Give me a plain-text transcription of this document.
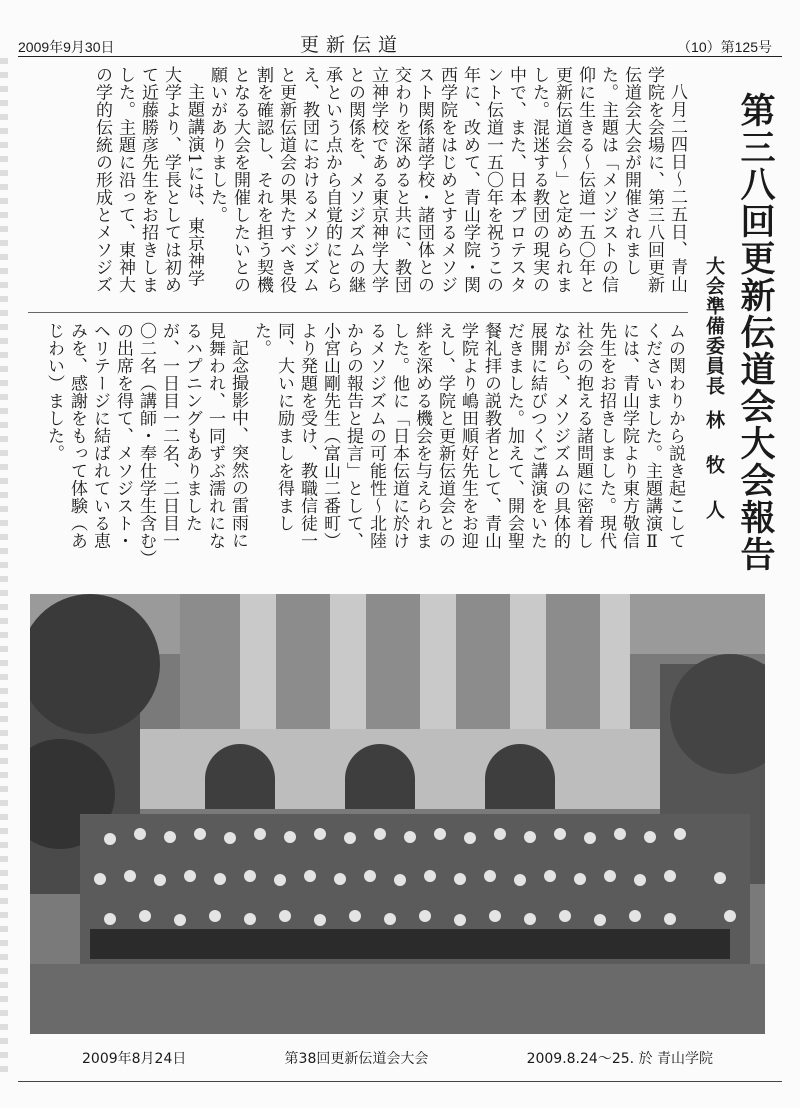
2009年9月30日	更新伝道	（10）第125号
第三八回更新伝道会大会報告
大会準備委員長林牧人

八月二四日～二五日、青山学院を会場に、第三八回更新伝道会大会が開催されました。主題は「メソジストの信仰に生きる～伝道一五〇年と更新伝道会～」と定められました。混迷する教団の現実の中で、また、日本プロテスタント伝道一五〇年を祝うこの年に、改めて、青山学院・関西学院をはじめとするメソジスト関係諸学校・諸団体との交わりを深めると共に、教団立神学校である東京神学大学との関係を、メソジズムの継承という点から自覚的にとらえ、教団におけるメソジズムと更新伝道会の果たすべき役割を確認し、それを担う契機となる大会を開催したいとの願いがありました。

主題講演1には、東京神学大学より、学長としては初めて近藤勝彦先生をお招きしました。主題に沿って、東神大の学的伝統の形成とメソジズ

ムの関わりから説き起こしてくださいました。主題講演Ⅱには、青山学院より東方敬信先生をお招きしました。現代社会の抱える諸問題に密着しながら、メソジズムの具体的展開に結びつくご講演をいただきました。加えて、開会聖餐礼拝の説教者として、青山学院より嶋田順好先生をお迎えし、学院と更新伝道会との絆を深める機会を与えられました。他に「日本伝道に於けるメソジズムの可能性～北陸からの報告と提言」として、小宮山剛先生（富山二番町）より発題を受け、教職信徒一同、大いに励ましを得ました。

記念撮影中、突然の雷雨に見舞われ、一同ずぶ濡れになるハプニングもありましたが、一日目一二名、二日目一〇二名（講師・奉仕学生含む）の出席を得て、メソジスト・ヘリテージに結ばれている恵みを、感謝をもって体験（あじわい）ました。

2009年8月24日	第38回更新伝道会大会	2009.8.24～25. 於 青山学院
